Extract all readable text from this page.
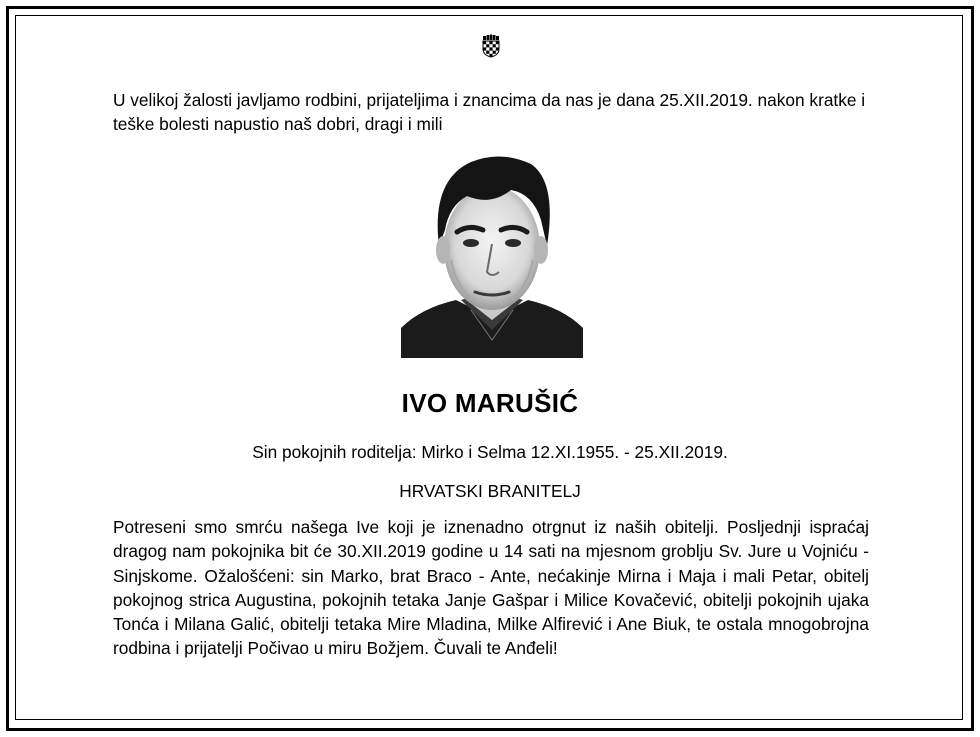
U velikoj žalosti javljamo rodbini, prijateljima i znancima da nas je dana 25.XII.2019. nakon kratke i teške bolesti napustio naš dobri, dragi i mili
IVO MARUŠIĆ
Sin pokojnih roditelja: Mirko i Selma 12.XI.1955. - 25.XII.2019.
HRVATSKI BRANITELJ
Potreseni smo smrću našega Ive koji je iznenadno otrgnut iz naših obitelji. Posljednji ispraćaj dragog nam pokojnika bit će 30.XII.2019 godine u 14 sati na mjesnom groblju Sv. Jure u Vojniću - Sinjskome. Ožalošćeni: sin Marko, brat Braco - Ante, nećakinje Mirna i Maja i mali Petar, obitelj pokojnog strica Augustina, pokojnih tetaka Janje Gašpar i Milice Kovačević, obitelji pokojnih ujaka Tonća i Milana Galić, obitelji tetaka Mire Mladina, Milke Alfirević i Ane Biuk, te ostala mnogobrojna rodbina i prijatelji Počivao u miru Božjem. Čuvali te Anđeli!
